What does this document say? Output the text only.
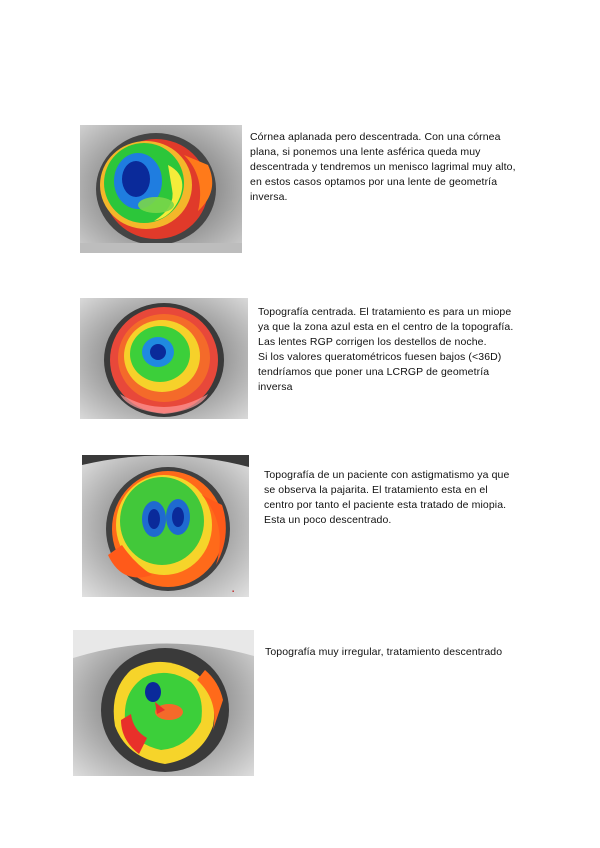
Córnea aplanada pero descentrada. Con una córnea

plana, si ponemos una lente asférica queda muy

descentrada y tendremos un menisco lagrimal muy alto,

en estos casos optamos por una lente de geometría

inversa.

Topografía centrada. El tratamiento es para un miope

ya que la zona azul esta en el centro de la topografía.

Las lentes RGP corrigen los destellos de noche.

Si los valores queratométricos fuesen bajos (<36D)

tendríamos que poner una LCRGP de geometría

inversa

▪

Topografía de un paciente con astigmatismo ya que

se observa la pajarita. El tratamiento esta en el

centro por tanto el paciente esta tratado de miopia.

Esta un poco descentrado.

Topografía muy irregular, tratamiento descentrado
